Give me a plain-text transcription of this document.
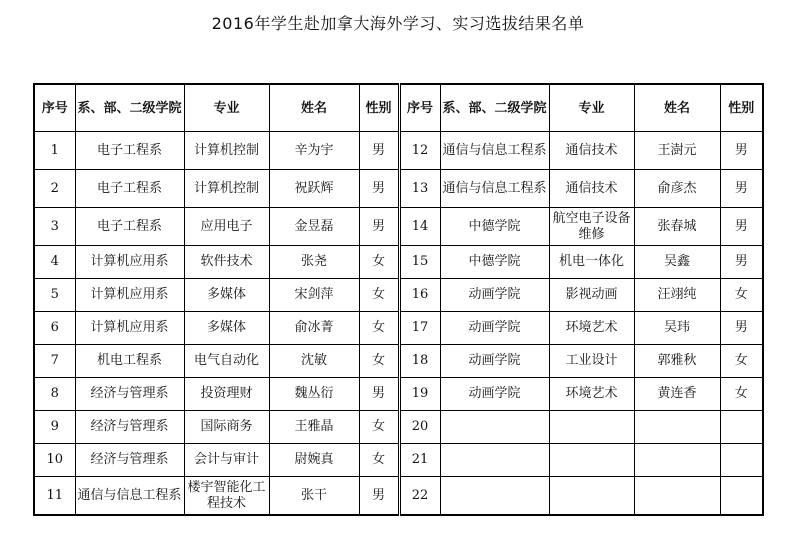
2016年学生赴加拿大海外学习、实习选拔结果名单
序号	系、部、二级学院	专业	姓名	性别	序号	系、部、二级学院	专业	姓名	性别
1	电子工程系	计算机控制	辛为宇	男	12	通信与信息工程系	通信技术	王澍元	男
2	电子工程系	计算机控制	祝跃辉	男	13	通信与信息工程系	通信技术	俞彦杰	男
3	电子工程系	应用电子	金昱磊	男	14	中德学院	航空电子设备维修	张春城	男
4	计算机应用系	软件技术	张尧	女	15	中德学院	机电一体化	吴鑫	男
5	计算机应用系	多媒体	宋剑萍	女	16	动画学院	影视动画	汪翊纯	女
6	计算机应用系	多媒体	俞冰菁	女	17	动画学院	环境艺术	吴玮	男
7	机电工程系	电气自动化	沈敏	女	18	动画学院	工业设计	郭雅秋	女
8	经济与管理系	投资理财	魏丛衍	男	19	动画学院	环境艺术	黄连香	女
9	经济与管理系	国际商务	王雅晶	女	20				
10	经济与管理系	会计与审计	尉婉真	女	21				
11	通信与信息工程系	楼宇智能化工程技术	张干	男	22				
